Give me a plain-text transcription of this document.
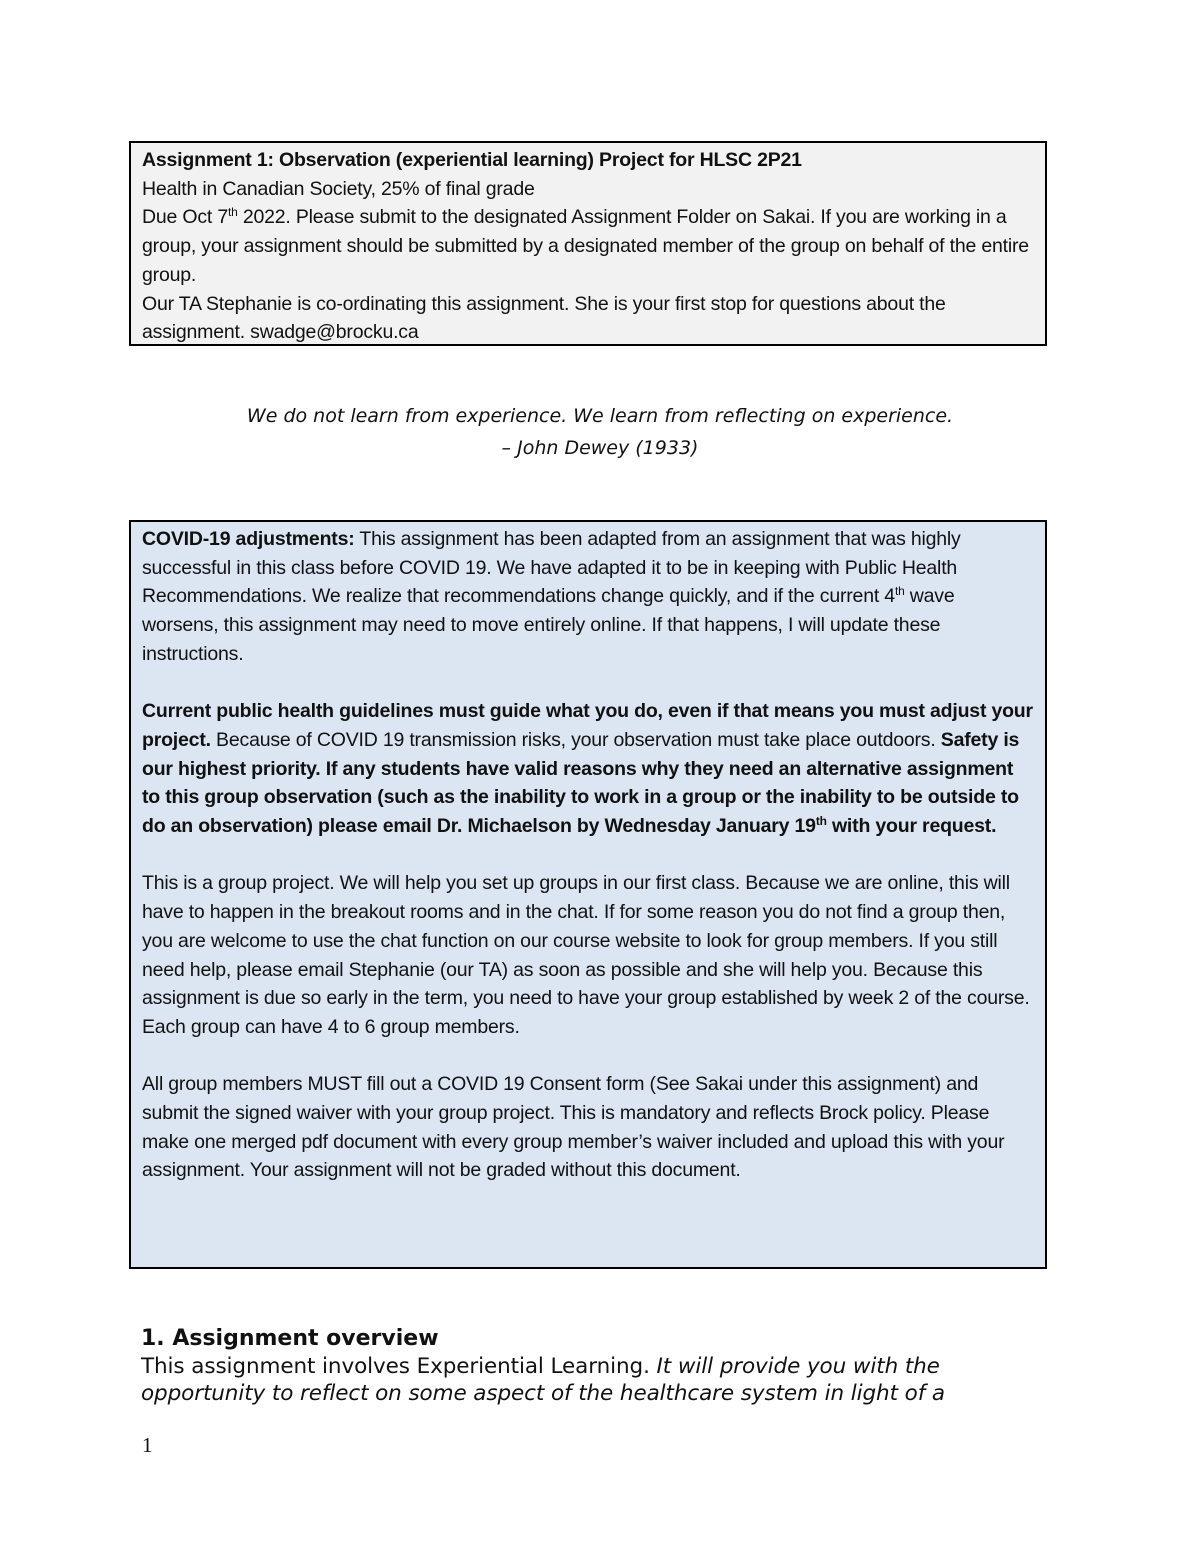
Assignment 1: Observation (experiential learning) Project for HLSC 2P21

Health in Canadian Society, 25% of final grade

Due Oct 7th 2022. Please submit to the designated Assignment Folder on Sakai. If you are working in a group, your assignment should be submitted by a designated member of the group on behalf of the entire group.

Our TA Stephanie is co-ordinating this assignment. She is your first stop for questions about the assignment. swadge@brocku.ca

We do not learn from experience. We learn from reflecting on experience.
– John Dewey (1933)

COVID-19 adjustments: This assignment has been adapted from an assignment that was highly successful in this class before COVID 19. We have adapted it to be in keeping with Public Health Recommendations. We realize that recommendations change quickly, and if the current 4th wave worsens, this assignment may need to move entirely online. If that happens, I will update these instructions.

Current public health guidelines must guide what you do, even if that means you must adjust your project. Because of COVID 19 transmission risks, your observation must take place outdoors. Safety is our highest priority. If any students have valid reasons why they need an alternative assignment to this group observation (such as the inability to work in a group or the inability to be outside to do an observation) please email Dr. Michaelson by Wednesday January 19th with your request.

This is a group project. We will help you set up groups in our first class. Because we are online, this will have to happen in the breakout rooms and in the chat. If for some reason you do not find a group then, you are welcome to use the chat function on our course website to look for group members. If you still need help, please email Stephanie (our TA) as soon as possible and she will help you. Because this assignment is due so early in the term, you need to have your group established by week 2 of the course. Each group can have 4 to 6 group members.

All group members MUST fill out a COVID 19 Consent form (See Sakai under this assignment) and submit the signed waiver with your group project. This is mandatory and reflects Brock policy. Please make one merged pdf document with every group member’s waiver included and upload this with your assignment. Your assignment will not be graded without this document.

1. Assignment overview

This assignment involves Experiential Learning. It will provide you with the opportunity to reflect on some aspect of the healthcare system in light of a

1
